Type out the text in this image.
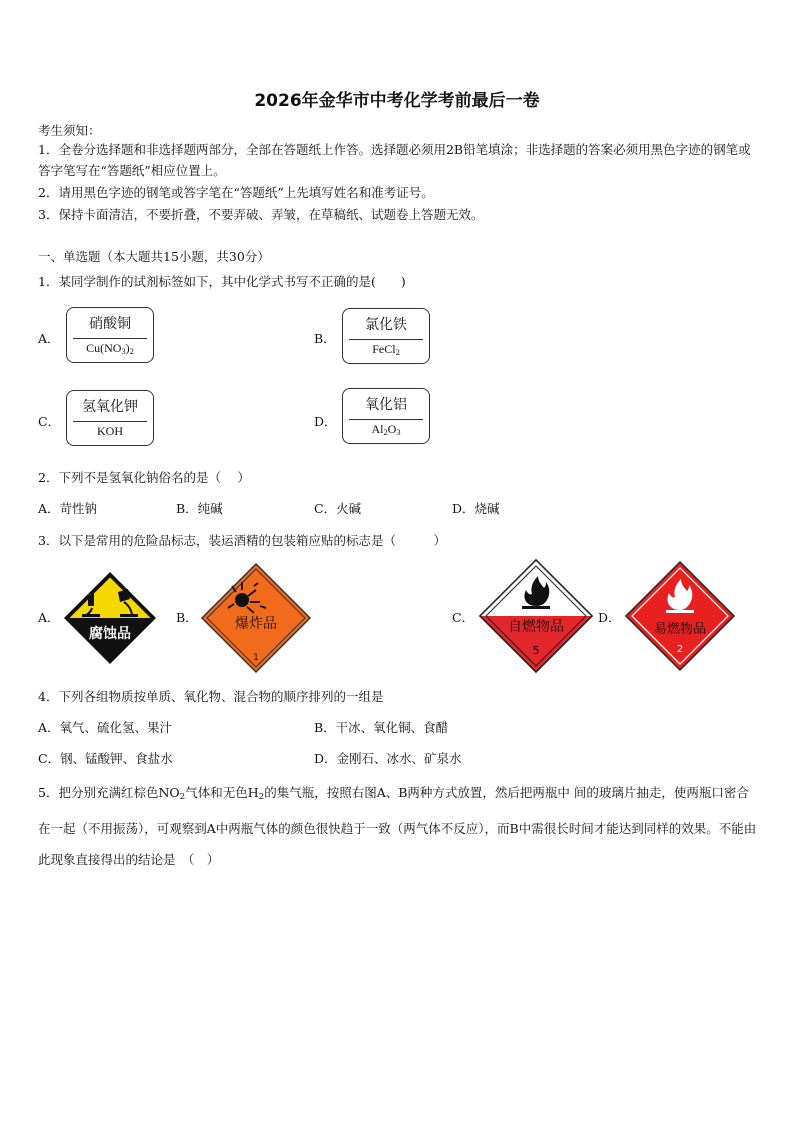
2026年金华市中考化学考前最后一卷
考生须知：
1．全卷分选择题和非选择题两部分，全部在答题纸上作答。选择题必须用2B铅笔填涂；非选择题的答案必须用黑色字迹的钢笔或答字笔写在“答题纸”相应位置上。
2．请用黑色字迹的钢笔或答字笔在“答题纸”上先填写姓名和准考证号。
3．保持卡面清洁，不要折叠，不要弄破、弄皱，在草稿纸、试题卷上答题无效。
一、单选题（本大题共15小题，共30分）
1．某同学制作的试剂标签如下，其中化学式书写不正确的是(　　)
A．
硝酸铜
$Cu(NO_3)_2$
B．
氯化铁
FeCl$_2$
C．
氢氧化钾
KOH
D．
氧化铝
$Al_2O_3$
2．下列不是氢氧化钠俗名的是（　 ）
A．苛性钠	B．纯碱	C．火碱	D．烧碱
3．以下是常用的危险品标志，装运酒精的包装箱应贴的标志是（　　　）
A．
腐蚀品
B．	爆炸品
1
C．
自燃物品
5
D．
易燃物品
2
4．下列各组物质按单质、氧化物、混合物的顺序排列的一组是
A．氧气、硫化氢、果汁	B．干冰、氧化铜、食醋
C．钢、锰酸钾、食盐水	D．金刚石、冰水、矿泉水
5．把分别充满红棕色$NO_2$气体和无色$H_2$的集气瓶，按照右图A、B两种方式放置，然后把两瓶中 间的玻璃片抽走，使两瓶口密合在一起（不用振荡），可观察到A中两瓶气体的颜色很快趋于一致（两气体不反应），而B中需很长时间才能达到同样的效果。不能由此现象直接得出的结论是　（　）
